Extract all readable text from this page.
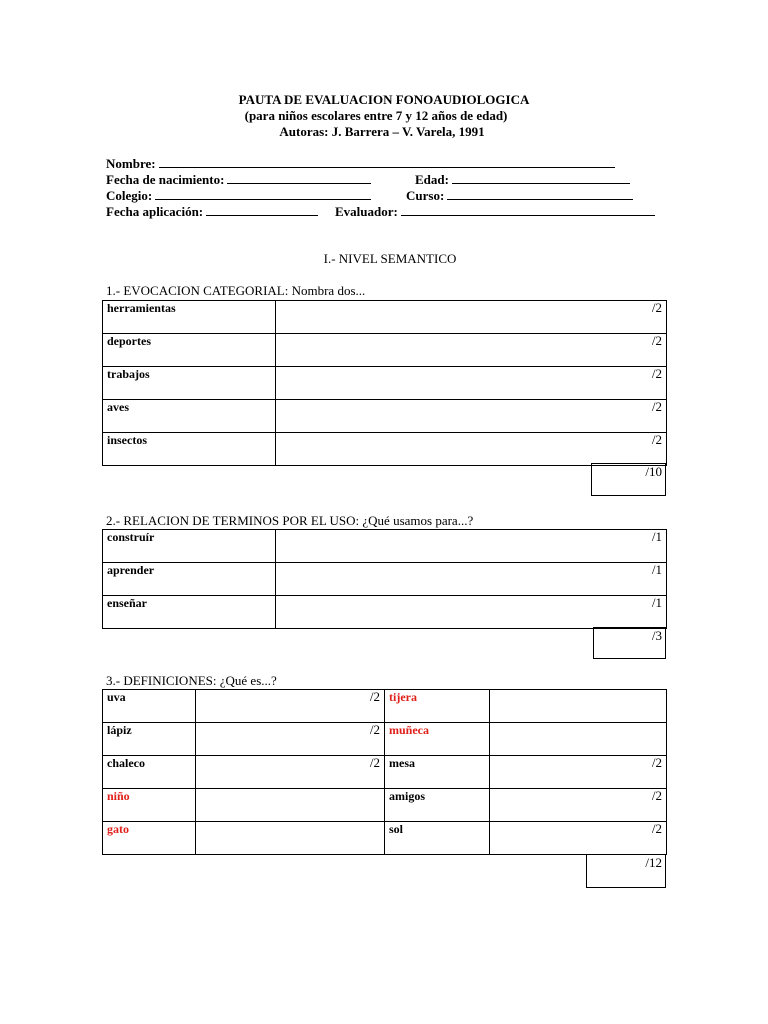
PAUTA DE EVALUACION FONOAUDIOLOGICA
(para niños escolares entre 7 y 12 años de edad)
Autoras: J. Barrera – V. Varela, 1991
Nombre:
Fecha de nacimiento:	Edad:
Colegio:	Curso:
Fecha aplicación:	Evaluador:
I.- NIVEL SEMANTICO
1.- EVOCACION CATEGORIAL: Nombra dos...
herramientas	/2
deportes	/2
trabajos	/2
aves	/2
insectos	/2
/10
2.- RELACION DE TERMINOS POR EL USO: ¿Qué usamos para...?
construír	/1
aprender	/1
enseñar	/1
/3
3.- DEFINICIONES: ¿Qué es...?
uva	/2	tijera	
lápiz	/2	muñeca	
chaleco	/2	mesa	/2
niño		amigos	/2
gato		sol	/2
/12
